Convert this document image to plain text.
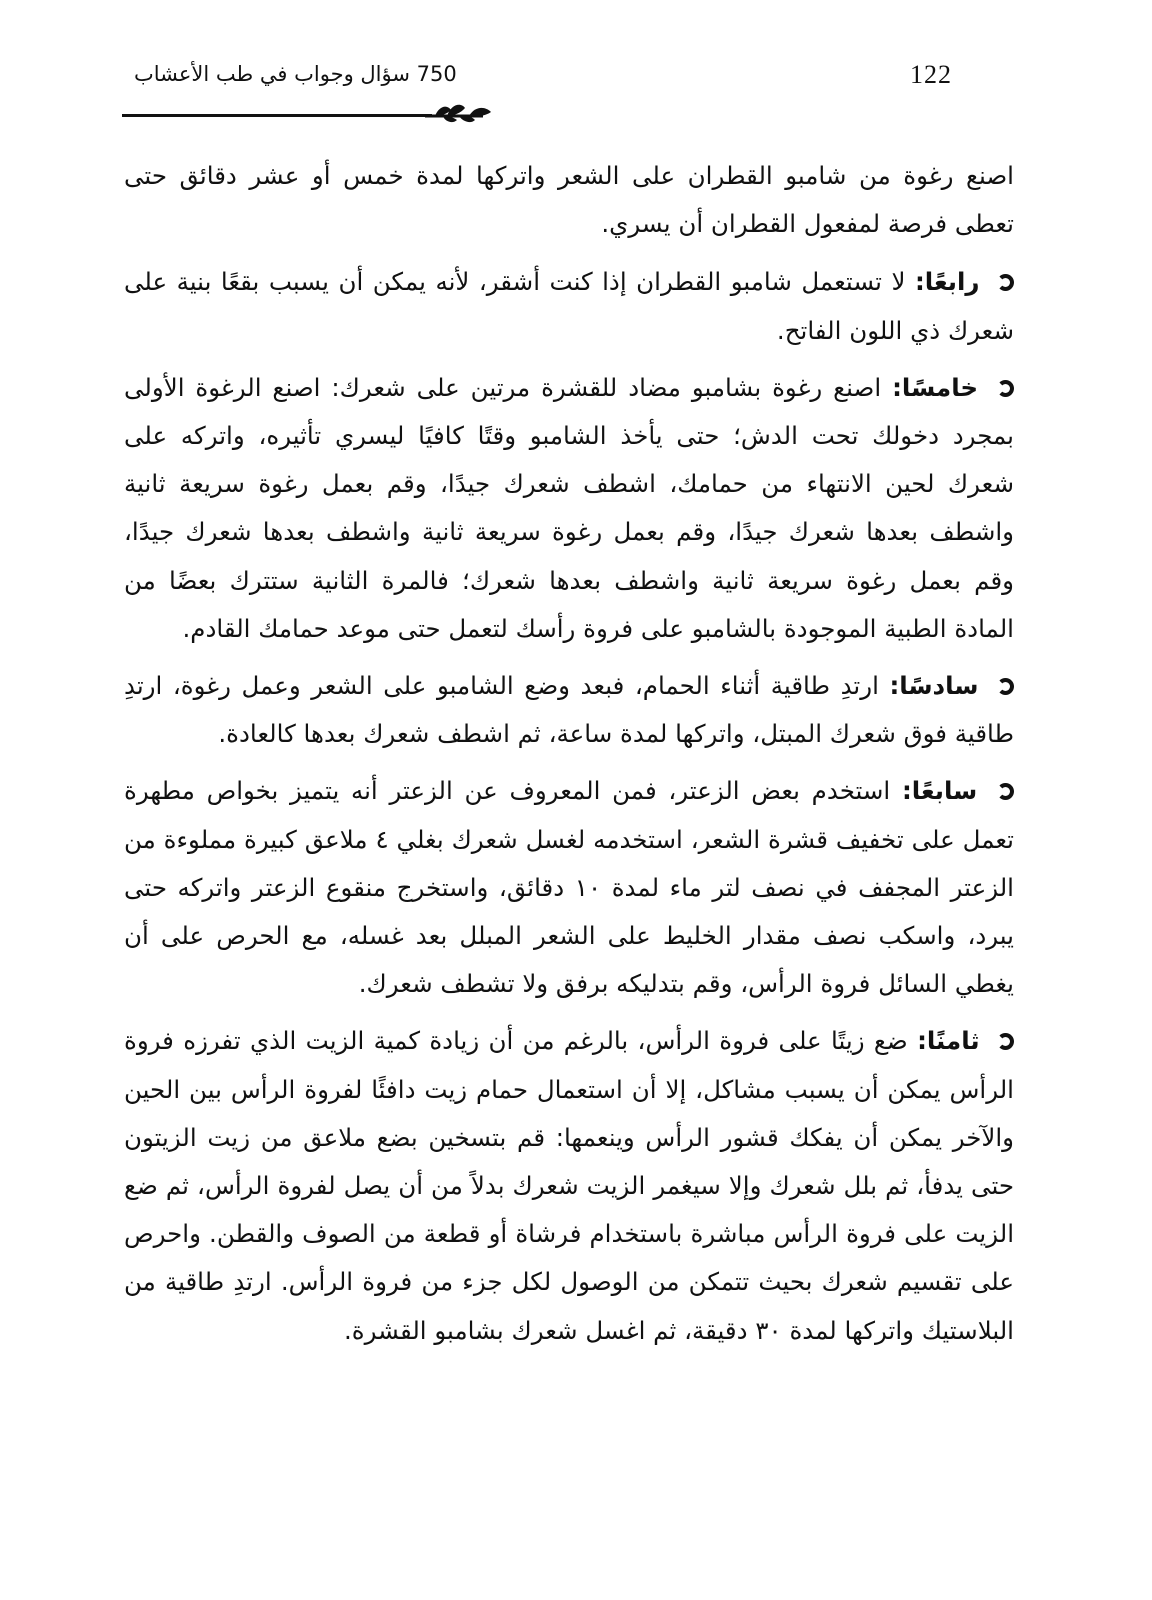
750 سؤال وجواب في طب الأعشاب	122

اصنع رغوة من شامبو القطران على الشعر واتركها لمدة خمس أو عشر دقائق حتى تعطى فرصة لمفعول القطران أن يسري.

رابعًا: لا تستعمل شامبو القطران إذا كنت أشقر، لأنه يمكن أن يسبب بقعًا بنية على شعرك ذي اللون الفاتح.

خامسًا: اصنع رغوة بشامبو مضاد للقشرة مرتين على شعرك: اصنع الرغوة الأولى بمجرد دخولك تحت الدش؛ حتى يأخذ الشامبو وقتًا كافيًا ليسري تأثيره، واتركه على شعرك لحين الانتهاء من حمامك، اشطف شعرك جيدًا، وقم بعمل رغوة سريعة ثانية واشطف بعدها شعرك جيدًا، وقم بعمل رغوة سريعة ثانية واشطف بعدها شعرك جيدًا، وقم بعمل رغوة سريعة ثانية واشطف بعدها شعرك؛ فالمرة الثانية ستترك بعضًا من المادة الطبية الموجودة بالشامبو على فروة رأسك لتعمل حتى موعد حمامك القادم.

سادسًا: ارتدِ طاقية أثناء الحمام، فبعد وضع الشامبو على الشعر وعمل رغوة، ارتدِ طاقية فوق شعرك المبتل، واتركها لمدة ساعة، ثم اشطف شعرك بعدها كالعادة.

سابعًا: استخدم بعض الزعتر، فمن المعروف عن الزعتر أنه يتميز بخواص مطهرة تعمل على تخفيف قشرة الشعر، استخدمه لغسل شعرك بغلي ٤ ملاعق كبيرة مملوءة من الزعتر المجفف في نصف لتر ماء لمدة ١٠ دقائق، واستخرج منقوع الزعتر واتركه حتى يبرد، واسكب نصف مقدار الخليط على الشعر المبلل بعد غسله، مع الحرص على أن يغطي السائل فروة الرأس، وقم بتدليكه برفق ولا تشطف شعرك.

ثامنًا: ضع زيتًا على فروة الرأس، بالرغم من أن زيادة كمية الزيت الذي تفرزه فروة الرأس يمكن أن يسبب مشاكل، إلا أن استعمال حمام زيت دافئًا لفروة الرأس بين الحين والآخر يمكن أن يفكك قشور الرأس وينعمها: قم بتسخين بضع ملاعق من زيت الزيتون حتى يدفأ، ثم بلل شعرك وإلا سيغمر الزيت شعرك بدلاً من أن يصل لفروة الرأس، ثم ضع الزيت على فروة الرأس مباشرة باستخدام فرشاة أو قطعة من الصوف والقطن. واحرص على تقسيم شعرك بحيث تتمكن من الوصول لكل جزء من فروة الرأس. ارتدِ طاقية من البلاستيك واتركها لمدة ٣٠ دقيقة، ثم اغسل شعرك بشامبو القشرة.
